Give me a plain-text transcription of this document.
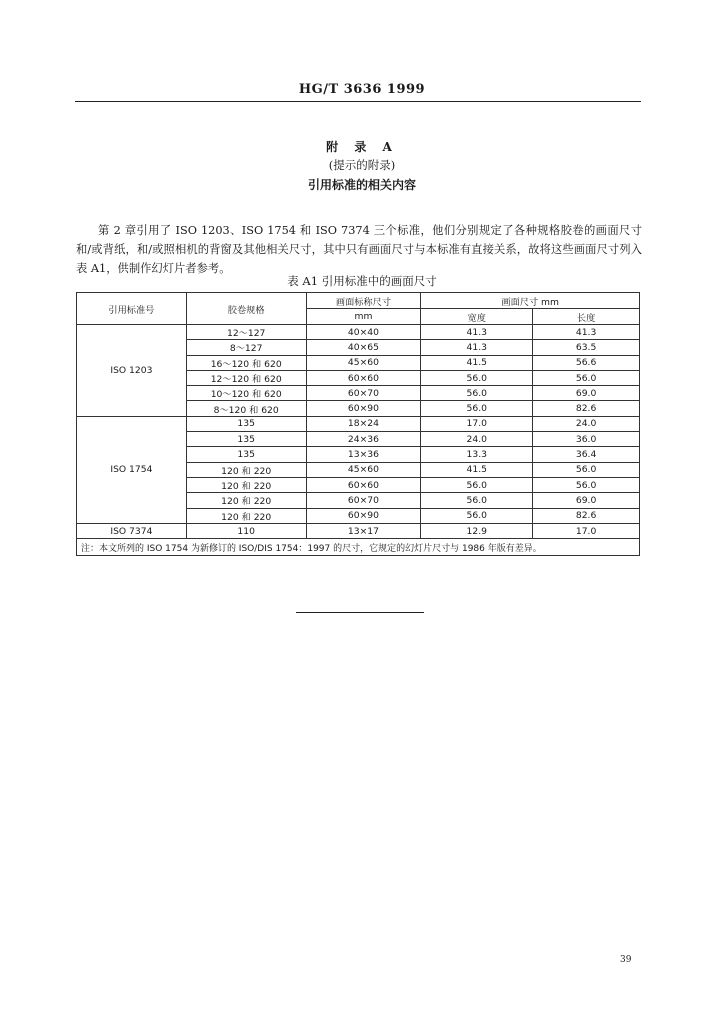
HG/T 3636 1999
附 录 A
(提示的附录)
引用标准的相关内容

第 2 章引用了 ISO 1203、ISO 1754 和 ISO 7374 三个标准，他们分别规定了各种规格胶卷的画面尺寸和/或背纸，和/或照相机的背窗及其他相关尺寸，其中只有画面尺寸与本标准有直接关系，故将这些画面尺寸列入表 A1，供制作幻灯片者参考。

表 A1 引用标准中的画面尺寸
引用标准号	胶卷规格	画面标称尺寸	画面尺寸 mm	
		mm	宽度	长度
ISO 1203	12～127	40×40	41.3	41.3
	8～127	40×65	41.3	63.5
	16～120 和 620	45×60	41.5	56.6
	12～120 和 620	60×60	56.0	56.0
	10～120 和 620	60×70	56.0	69.0
	8～120 和 620	60×90	56.0	82.6
ISO 1754	135	18×24	17.0	24.0
	135	24×36	24.0	36.0
	135	13×36	13.3	36.4
	120 和 220	45×60	41.5	56.0
	120 和 220	60×60	56.0	56.0
	120 和 220	60×70	56.0	69.0
	120 和 220	60×90	56.0	82.6
ISO 7374	110	13×17	12.9	17.0
注：本文所列的 ISO 1754 为新修订的 ISO/DIS 1754：1997 的尺寸，它规定的幻灯片尺寸与 1986 年版有差异。				
39
